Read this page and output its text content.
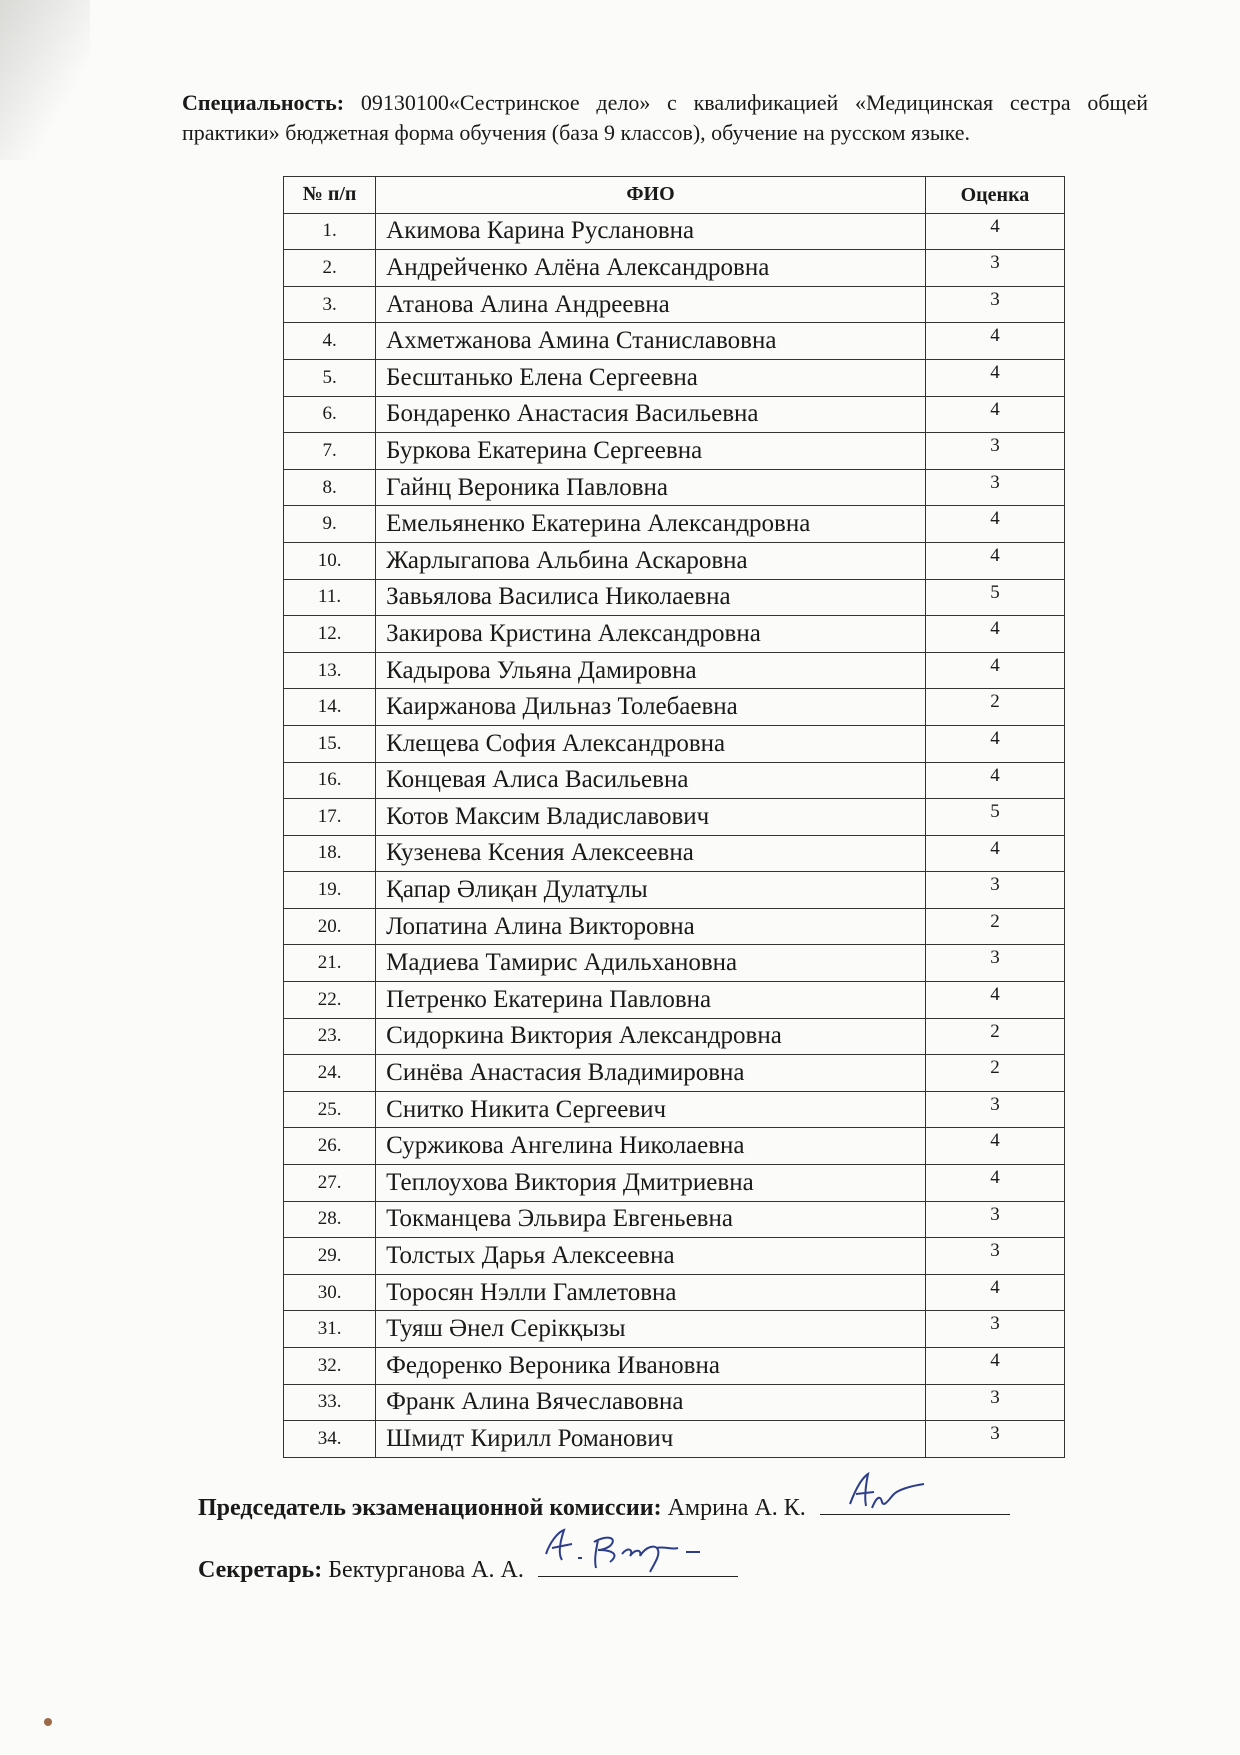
Специальность: 09130100«Сестринское дело» с квалификацией «Медицинская сестра общей практики» бюджетная форма обучения (база 9 классов), обучение на русском языке.
№ п/п	ФИО	Оценка
1.	Акимова Карина Руслановна	4
2.	Андрейченко Алёна Александровна	3
3.	Атанова Алина Андреевна	3
4.	Ахметжанова Амина Станиславовна	4
5.	Бесштанько Елена Сергеевна	4
6.	Бондаренко Анастасия Васильевна	4
7.	Буркова Екатерина Сергеевна	3
8.	Гайнц Вероника Павловна	3
9.	Емельяненко Екатерина Александровна	4
10.	Жарлыгапова Альбина Аскаровна	4
11.	Завьялова Василиса Николаевна	5
12.	Закирова Кристина Александровна	4
13.	Кадырова Ульяна Дамировна	4
14.	Каиржанова Дильназ Толебаевна	2
15.	Клещева София Александровна	4
16.	Концевая Алиса Васильевна	4
17.	Котов Максим Владиславович	5
18.	Кузенева Ксения Алексеевна	4
19.	Қапар Әлиқан Дулатұлы	3
20.	Лопатина Алина Викторовна	2
21.	Мадиева Тамирис Адильхановна	3
22.	Петренко Екатерина Павловна	4
23.	Сидоркина Виктория Александровна	2
24.	Синёва Анастасия Владимировна	2
25.	Снитко Никита Сергеевич	3
26.	Суржикова Ангелина Николаевна	4
27.	Теплоухова Виктория Дмитриевна	4
28.	Токманцева Эльвира Евгеньевна	3
29.	Толстых Дарья Алексеевна	3
30.	Торосян Нэлли Гамлетовна	4
31.	Туяш Әнел Серікқызы	3
32.	Федоренко Вероника Ивановна	4
33.	Франк Алина Вячеславовна	3
34.	Шмидт Кирилл Романович	3
Председатель экзаменационной комиссии: Амрина А. К.
Секретарь: Бектурганова А. А.
